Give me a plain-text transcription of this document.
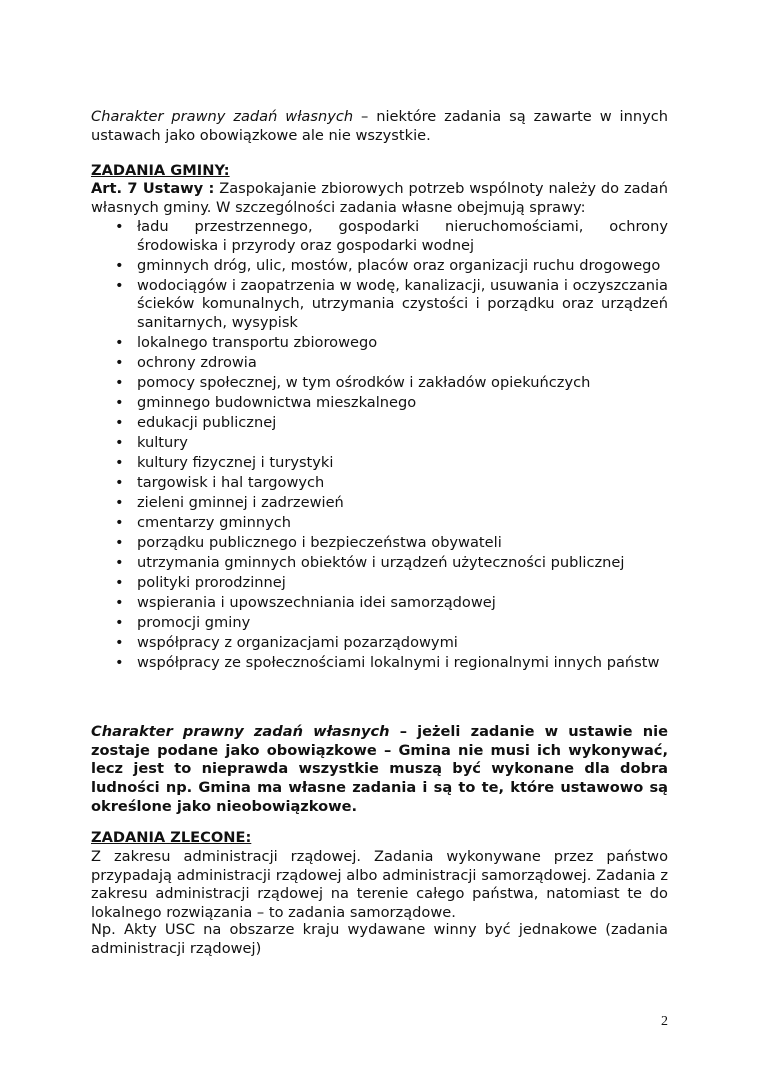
Charakter prawny zadań własnych – niektóre zadania są zawarte w innych ustawach jako obowiązkowe ale nie wszystkie.

ZADANIA GMINY:

Art. 7 Ustawy : Zaspokajanie zbiorowych potrzeb wspólnoty należy do zadań własnych gminy. W szczególności zadania własne obejmują sprawy:

• ładu przestrzennego, gospodarki nieruchomościami, ochrony środowiska i przyrody oraz gospodarki wodnej
• gminnych dróg, ulic, mostów, placów oraz organizacji ruchu drogowego
• wodociągów i zaopatrzenia w wodę, kanalizacji, usuwania i oczyszczania ścieków komunalnych, utrzymania czystości i porządku oraz urządzeń sanitarnych, wysypisk
• lokalnego transportu zbiorowego
• ochrony zdrowia
• pomocy społecznej, w tym ośrodków i zakładów opiekuńczych
• gminnego budownictwa mieszkalnego
• edukacji publicznej
• kultury
• kultury fizycznej i turystyki
• targowisk i hal targowych
• zieleni gminnej i zadrzewień
• cmentarzy gminnych
• porządku publicznego i bezpieczeństwa obywateli
• utrzymania gminnych obiektów i urządzeń użyteczności publicznej
• polityki prorodzinnej
• wspierania i upowszechniania idei samorządowej
• promocji gminy
• współpracy z organizacjami pozarządowymi
• współpracy ze społecznościami lokalnymi i regionalnymi innych państw

Charakter prawny zadań własnych – jeżeli zadanie w ustawie nie zostaje podane jako obowiązkowe – Gmina nie musi ich wykonywać, lecz jest to nieprawda wszystkie muszą być wykonane dla dobra ludności np. Gmina ma własne zadania i są to te, które ustawowo są określone jako nieobowiązkowe.

ZADANIA ZLECONE:

Z zakresu administracji rządowej. Zadania wykonywane przez państwo przypadają administracji rządowej albo administracji samorządowej. Zadania z zakresu administracji rządowej na terenie całego państwa, natomiast te do lokalnego rozwiązania – to zadania samorządowe.

Np. Akty USC na obszarze kraju wydawane winny być jednakowe (zadania administracji rządowej)

2
